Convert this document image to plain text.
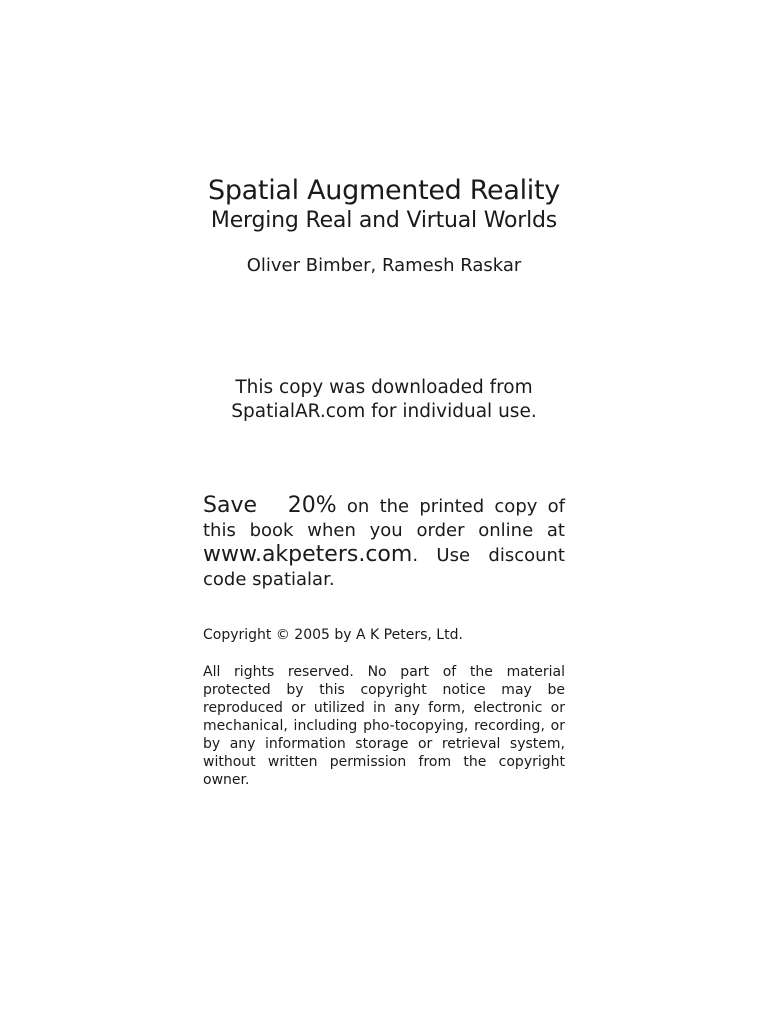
Spatial Augmented Reality
Merging Real and Virtual Worlds
Oliver Bimber, Ramesh Raskar
This copy was downloaded from
SpatialAR.com for individual use.
Save 20% on the printed copy of this book when you order online at www.akpeters.com. Use discount code spatialar.
Copyright © 2005 by A K Peters, Ltd.
All rights reserved. No part of the material protected by this copyright notice may be reproduced or utilized in any form, electronic or mechanical, including pho-tocopying, recording, or by any information storage or retrieval system, without written permission from the copyright owner.
